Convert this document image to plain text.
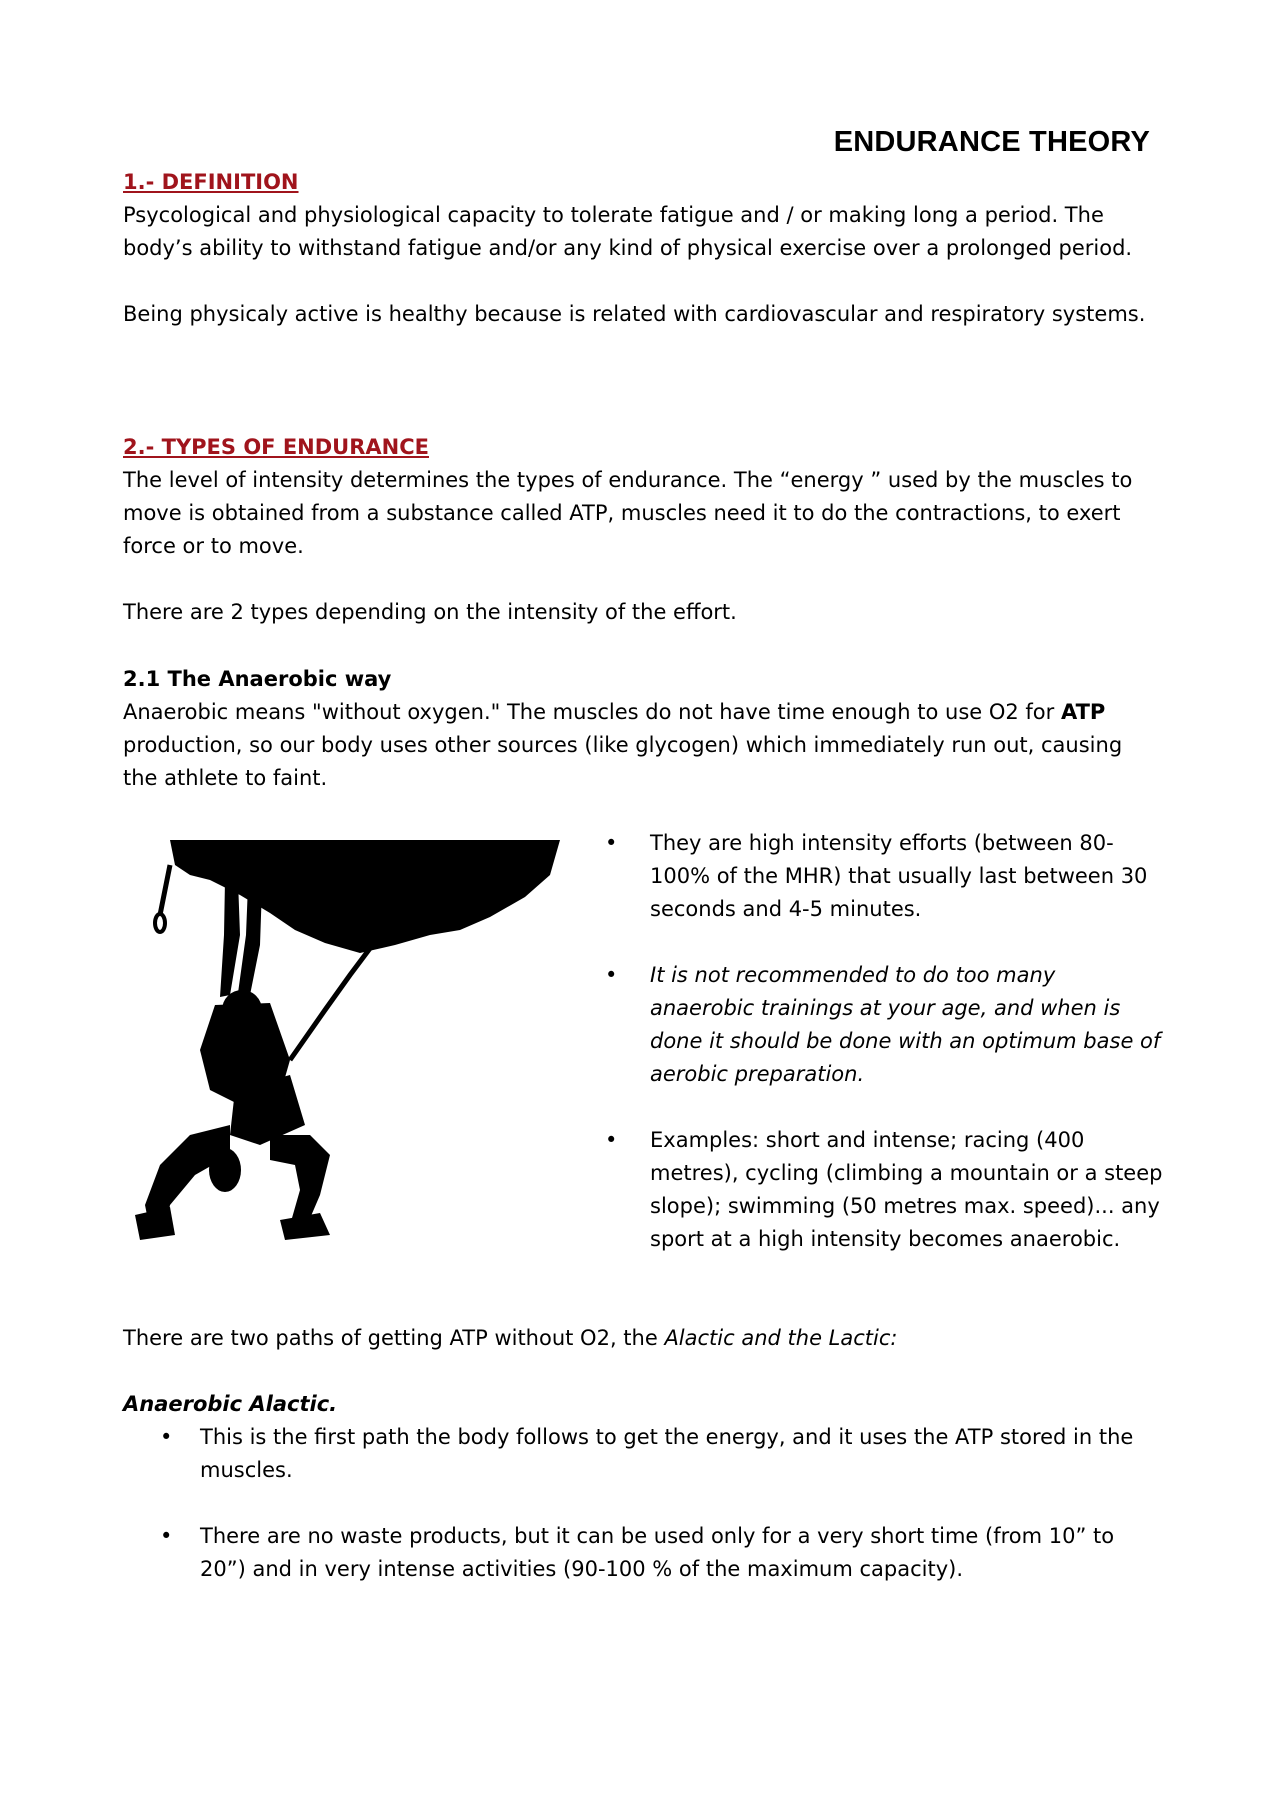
ENDURANCE THEORY

1.- DEFINITION

Psycological and physiological capacity to tolerate fatigue and / or making long a period. The body’s ability to withstand fatigue and/or any kind of physical exercise over a prolonged period.

Being physicaly active is healthy because is related with cardiovascular and respiratory systems.

2.- TYPES OF ENDURANCE

The level of intensity determines the types of endurance. The “energy ” used by the muscles to move is obtained from a substance called ATP, muscles need it to do the contractions, to exert force or to move.

There are 2 types depending on the intensity of the effort.

2.1 The Anaerobic way

Anaerobic means "without oxygen." The muscles do not have time enough to use O2 for ATP production, so our body uses other sources (like glycogen) which immediately run out, causing the athlete to faint.

• They are high intensity efforts (between 80-100% of the MHR) that usually last between 30 seconds and 4-5 minutes.
• It is not recommended to do too many anaerobic trainings at your age, and when is done it should be done with an optimum base of aerobic preparation.
• Examples: short and intense; racing (400 metres), cycling (climbing a mountain or a steep slope); swimming (50 metres max. speed)... any sport at a high intensity becomes anaerobic.

There are two paths of getting ATP without O2, the Alactic and the Lactic:

Anaerobic Alactic.

• This is the first path the body follows to get the energy, and it uses the ATP stored in the muscles.
• There are no waste products, but it can be used only for a very short time (from 10” to 20”) and in very intense activities (90-100 % of the maximum capacity).
